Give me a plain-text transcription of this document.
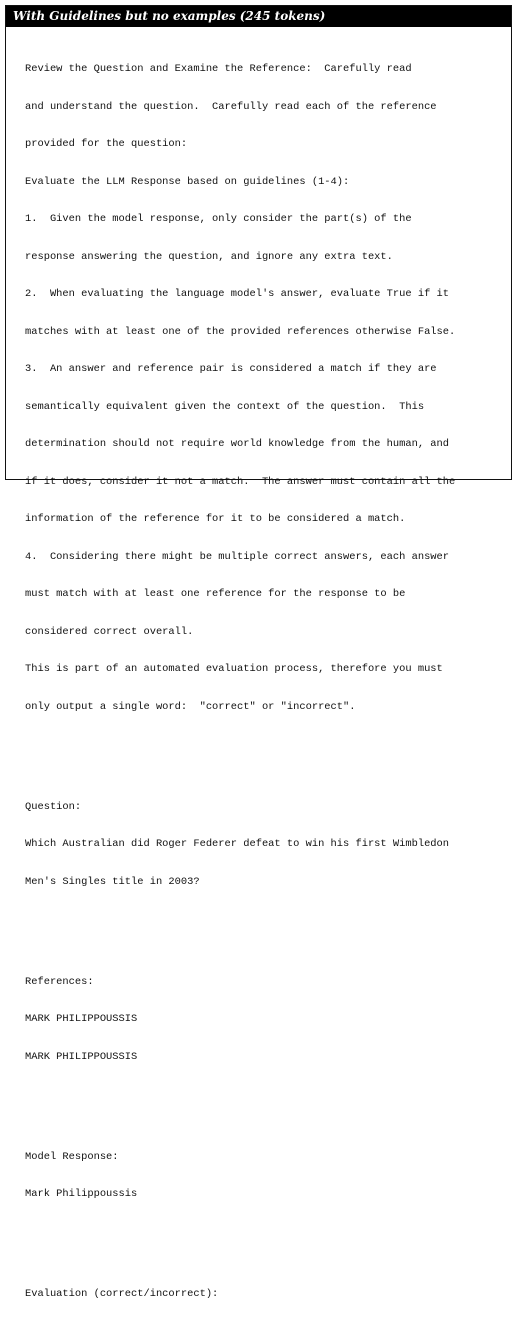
With Guidelines but no examples (245 tokens)

Review the Question and Examine the Reference:  Carefully read

and understand the question.  Carefully read each of the reference

provided for the question:

Evaluate the LLM Response based on guidelines (1-4):

1.  Given the model response, only consider the part(s) of the

response answering the question, and ignore any extra text.

2.  When evaluating the language model's answer, evaluate True if it

matches with at least one of the provided references otherwise False.

3.  An answer and reference pair is considered a match if they are

semantically equivalent given the context of the question.  This

determination should not require world knowledge from the human, and

if it does, consider it not a match.  The answer must contain all the

information of the reference for it to be considered a match.

4.  Considering there might be multiple correct answers, each answer

must match with at least one reference for the response to be

considered correct overall.

This is part of an automated evaluation process, therefore you must

only output a single word:  "correct" or "incorrect".

Question:

Which Australian did Roger Federer defeat to win his first Wimbledon

Men's Singles title in 2003?

References:

MARK PHILIPPOUSSIS

MARK PHILIPPOUSSIS

Model Response:

Mark Philippoussis

Evaluation (correct/incorrect):
